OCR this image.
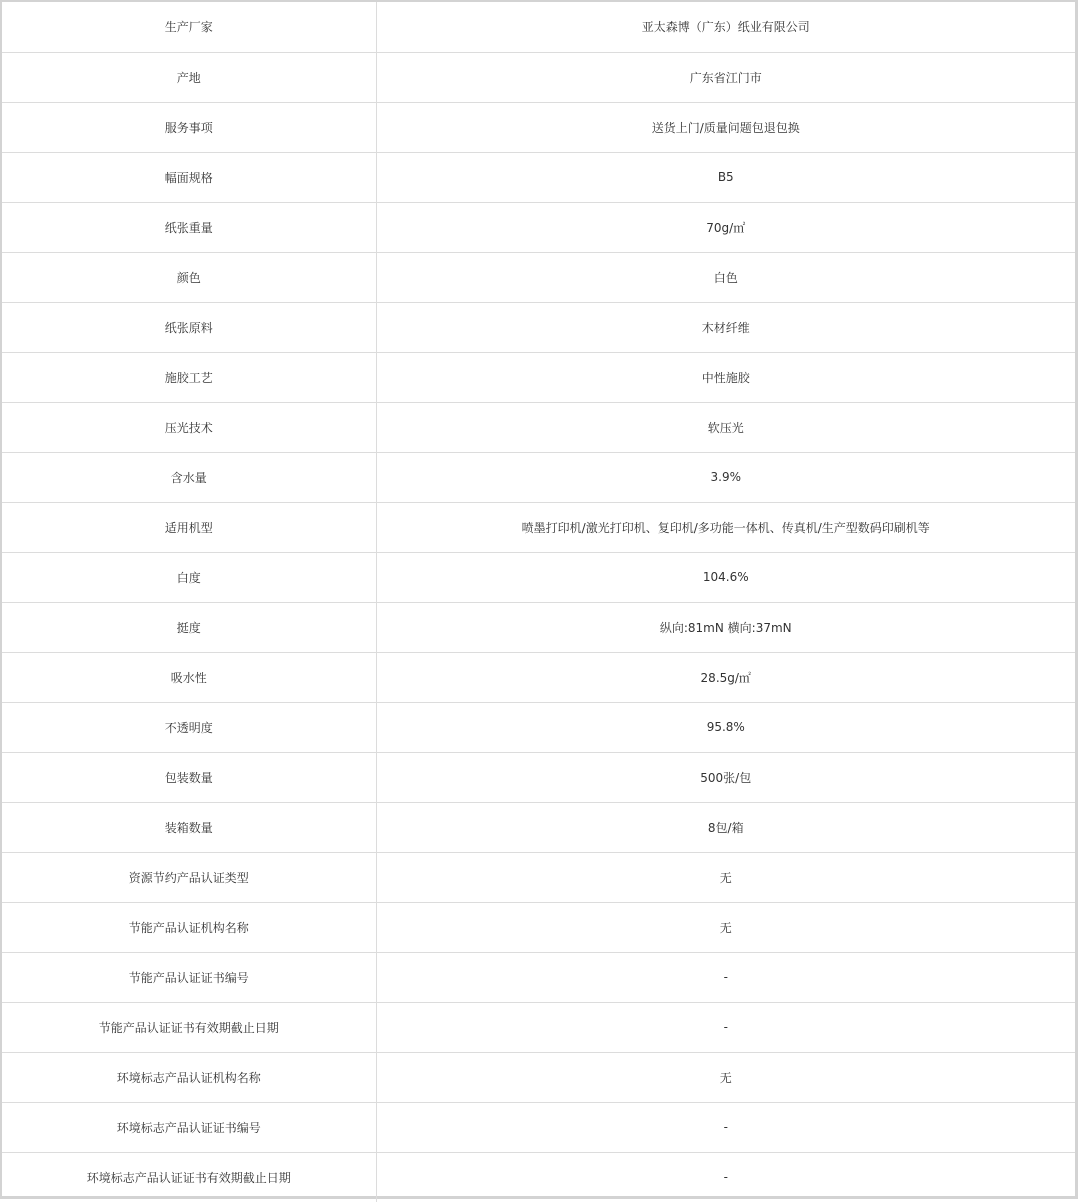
生产厂家	亚太森博（广东）纸业有限公司
产地	广东省江门市
服务事项	送货上门/质量问题包退包换
幅面规格	B5
纸张重量	70g/㎡
颜色	白色
纸张原料	木材纤维
施胶工艺	中性施胶
压光技术	软压光
含水量	3.9%
适用机型	喷墨打印机/激光打印机、复印机/多功能一体机、传真机/生产型数码印刷机等
白度	104.6%
挺度	纵向:81mN 横向:37mN
吸水性	28.5g/㎡
不透明度	95.8%
包装数量	500张/包
装箱数量	8包/箱
资源节约产品认证类型	无
节能产品认证机构名称	无
节能产品认证证书编号	-
节能产品认证证书有效期截止日期	-
环境标志产品认证机构名称	无
环境标志产品认证证书编号	-
环境标志产品认证证书有效期截止日期	-
